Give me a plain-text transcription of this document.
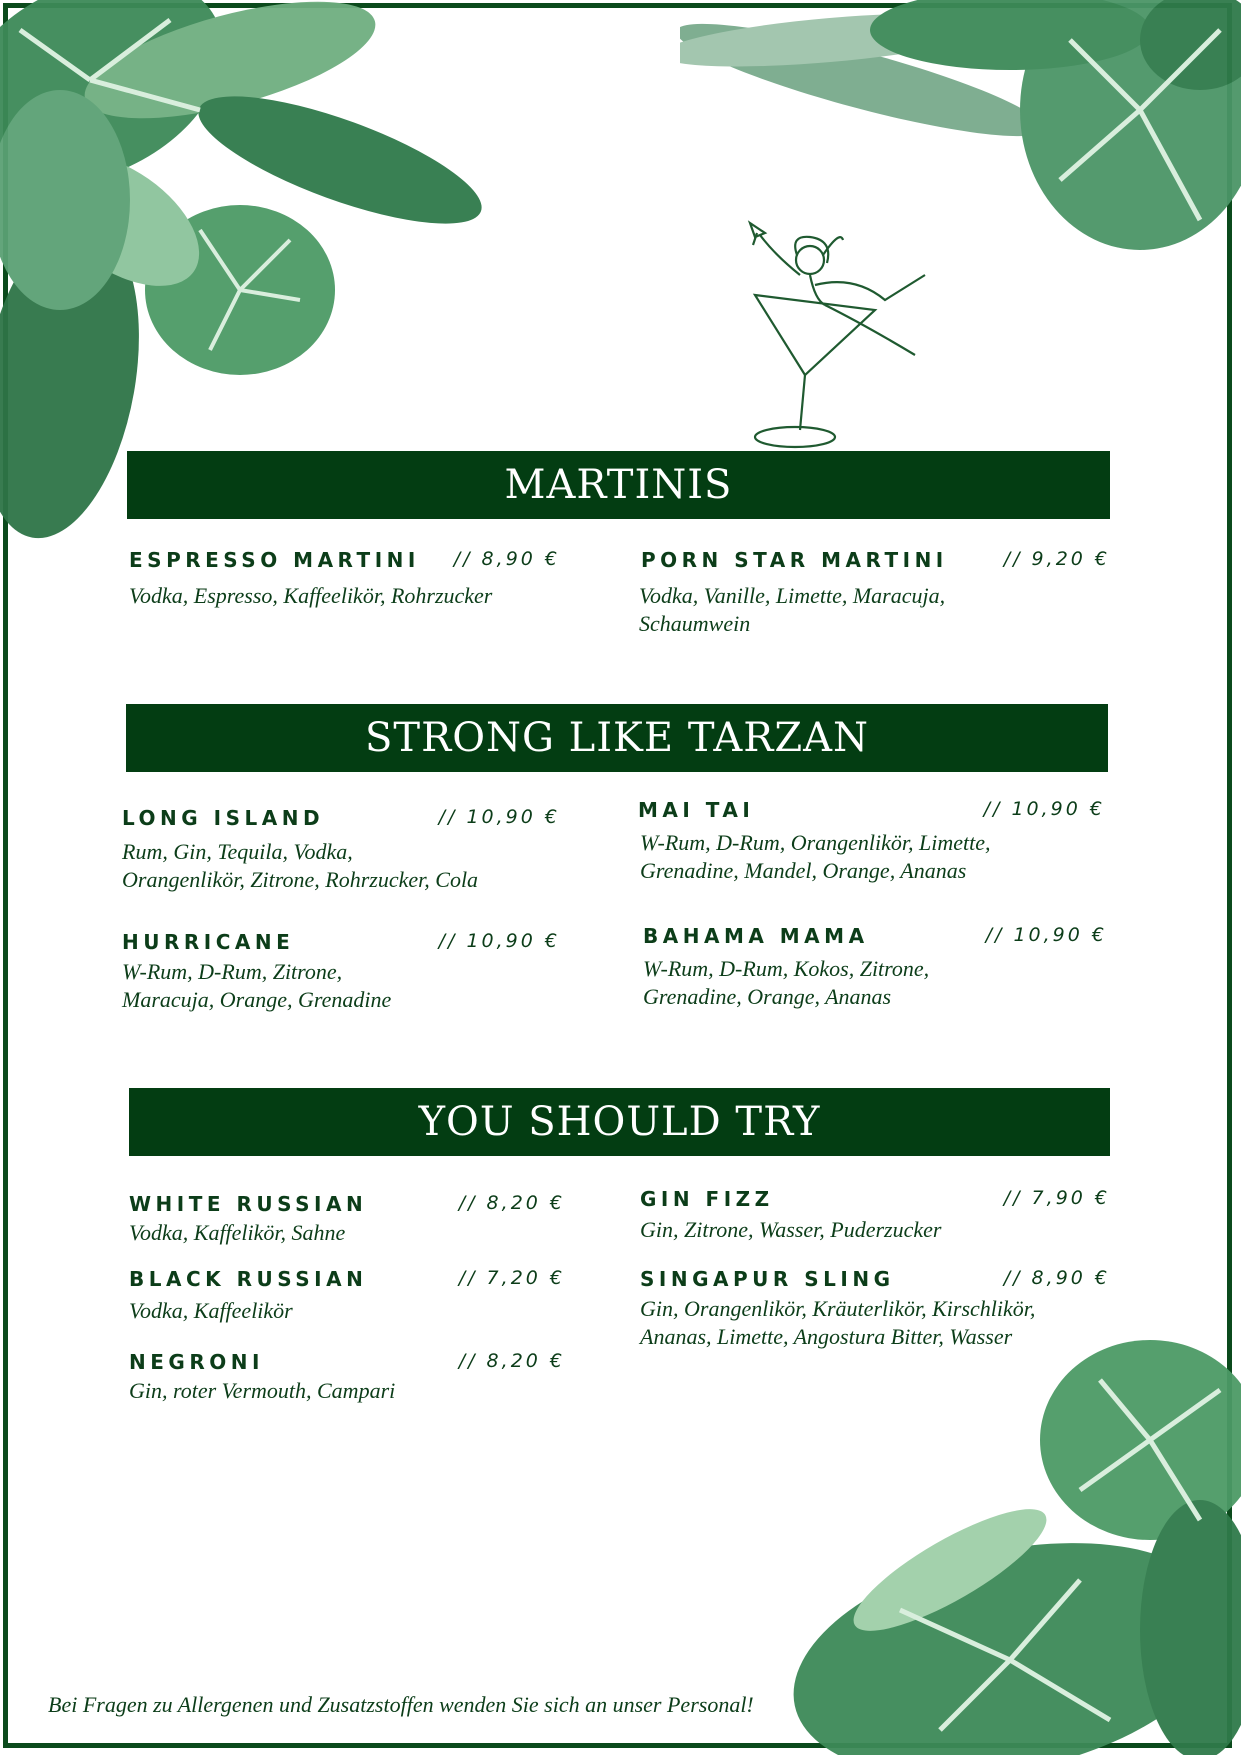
MARTINIS
ESPRESSO MARTINI	// 8,90 €
Vodka, Espresso, Kaffeelikör, Rohrzucker
PORN STAR MARTINI	// 9,20 €
Vodka, Vanille, Limette, Maracuja,
Schaumwein
STRONG LIKE TARZAN
LONG ISLAND	// 10,90 €
Rum, Gin, Tequila, Vodka,
Orangenlikör, Zitrone, Rohrzucker, Cola
MAI TAI	// 10,90 €
W-Rum, D-Rum, Orangenlikör, Limette,
Grenadine, Mandel, Orange, Ananas
HURRICANE	// 10,90 €
W-Rum, D-Rum, Zitrone,
Maracuja, Orange, Grenadine
BAHAMA MAMA	// 10,90 €
W-Rum, D-Rum, Kokos, Zitrone,
Grenadine, Orange, Ananas
YOU SHOULD TRY
WHITE RUSSIAN	// 8,20 €
Vodka, Kaffelikör, Sahne
GIN FIZZ	// 7,90 €
Gin, Zitrone, Wasser, Puderzucker
BLACK RUSSIAN	// 7,20 €
Vodka, Kaffeelikör
SINGAPUR SLING	// 8,90 €
Gin, Orangenlikör, Kräuterlikör, Kirschlikör,
Ananas, Limette, Angostura Bitter, Wasser
NEGRONI	// 8,20 €
Gin, roter Vermouth, Campari
Bei Fragen zu Allergenen und Zusatzstoffen wenden Sie sich an unser Personal!
